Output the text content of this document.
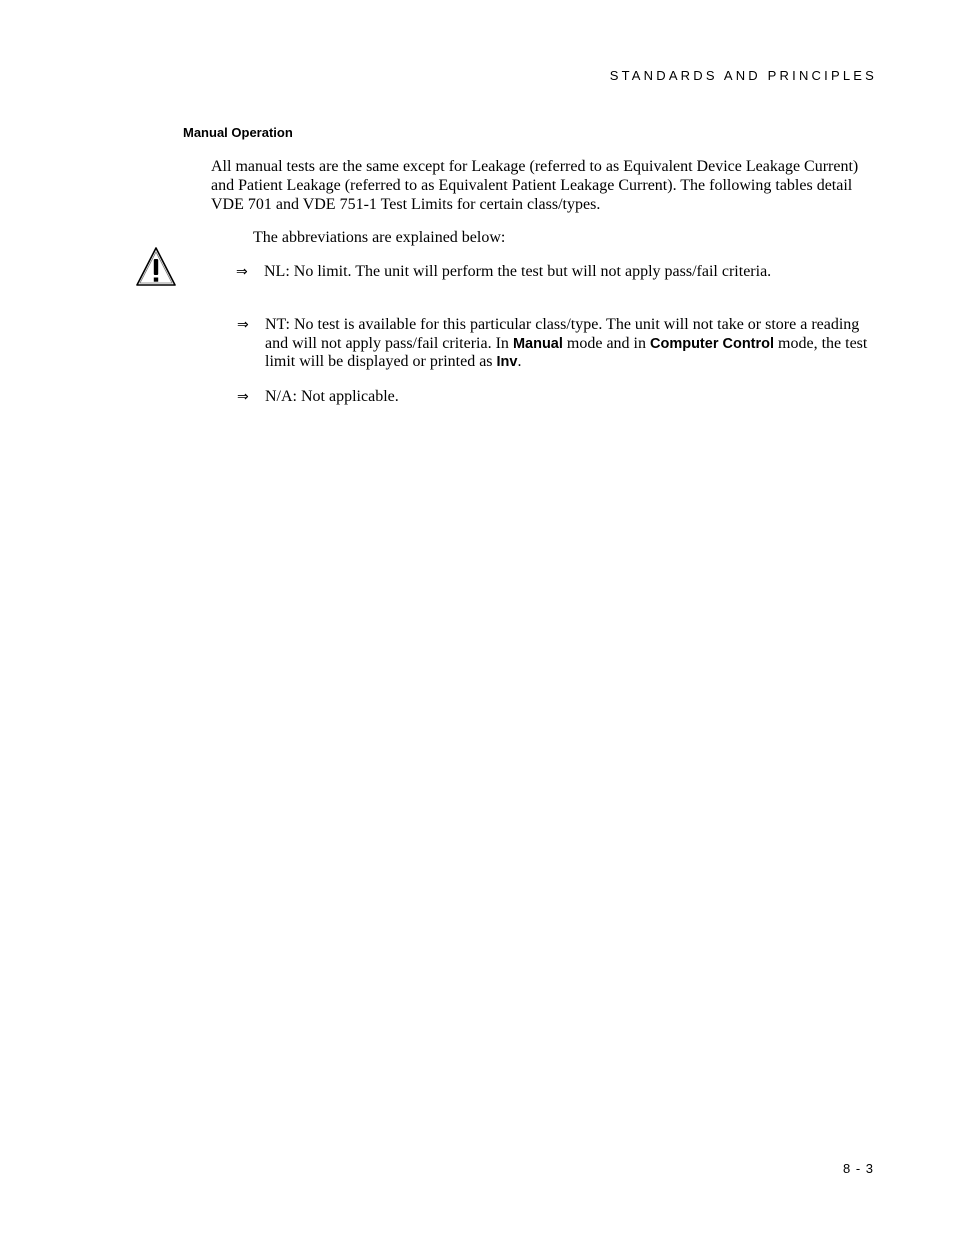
STANDARDS AND PRINCIPLES
Manual Operation

All manual tests are the same except for Leakage (referred to as Equivalent Device Leakage Current) and Patient Leakage (referred to as Equivalent Patient Leakage Current). The following tables detail VDE 701 and VDE 751-1 Test Limits for certain class/types.

The abbreviations are explained below:

⇒	NL: No limit. The unit will perform the test but will not apply pass/fail criteria.
⇒	NT: No test is available for this particular class/type. The unit will not take or store a reading and will not apply pass/fail criteria. In Manual mode and in Computer Control mode, the test limit will be displayed or printed as Inv.
⇒	N/A: Not applicable.
8 - 3
